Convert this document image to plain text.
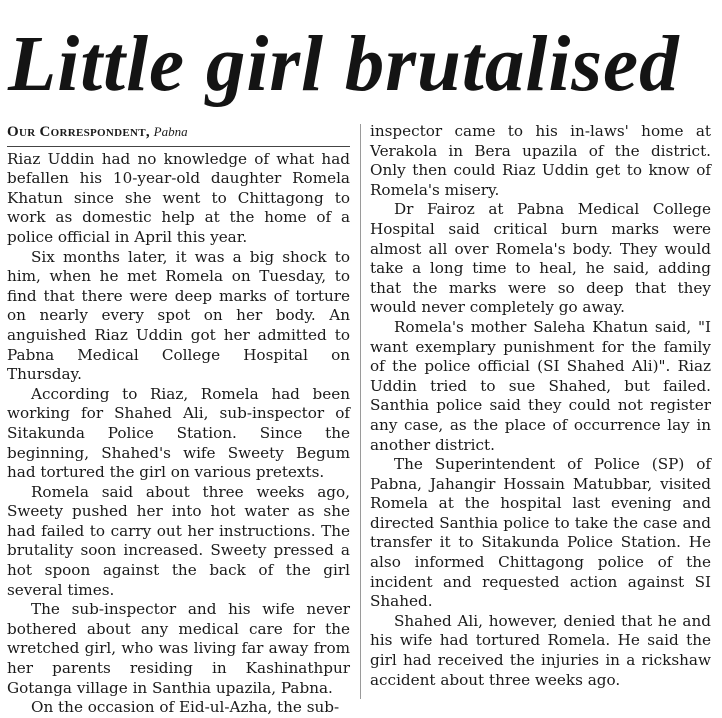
Little girl brutalised
Our Correspondent , Pabna

Riaz Uddin had no knowledge of what had befallen his 10-year-old daughter Romela Khatun since she went to Chittagong to work as domestic help at the home of a police official in April this year.

Six months later, it was a big shock to him, when he met Romela on Tuesday, to find that there were deep marks of torture on nearly every spot on her body. An anguished Riaz Uddin got her admitted to Pabna Medical College Hospital on Thursday.

According to Riaz, Romela had been working for Shahed Ali, sub-inspector of Sitakunda Police Station. Since the beginning, Shahed's wife Sweety Begum had tortured the girl on various pretexts.

Romela said about three weeks ago, Sweety pushed her into hot water as she had failed to carry out her instructions. The brutality soon increased. Sweety pressed a hot spoon against the back of the girl several times.

The sub-inspector and his wife never bothered about any medical care for the wretched girl, who was living far away from her parents residing in Kashinathpur Gotanga village in Santhia upazila, Pabna.

On the occasion of Eid-ul-Azha, the sub-

inspector came to his in-laws' home at Verakola in Bera upazila of the district. Only then could Riaz Uddin get to know of Romela's misery.

Dr Fairoz at Pabna Medical College Hospital said critical burn marks were almost all over Romela's body. They would take a long time to heal, he said, adding that the marks were so deep that they would never completely go away.

Romela's mother Saleha Khatun said, "I want exemplary punishment for the family of the police official (SI Shahed Ali)". Riaz Uddin tried to sue Shahed, but failed. Santhia police said they could not register any case, as the place of occurrence lay in another district.

The Superintendent of Police (SP) of Pabna, Jahangir Hossain Matubbar, visited Romela at the hospital last evening and directed Santhia police to take the case and transfer it to Sitakunda Police Station. He also informed Chittagong police of the incident and requested action against SI Shahed.

Shahed Ali, however, denied that he and his wife had tortured Romela. He said the girl had received the injuries in a rickshaw accident about three weeks ago.
